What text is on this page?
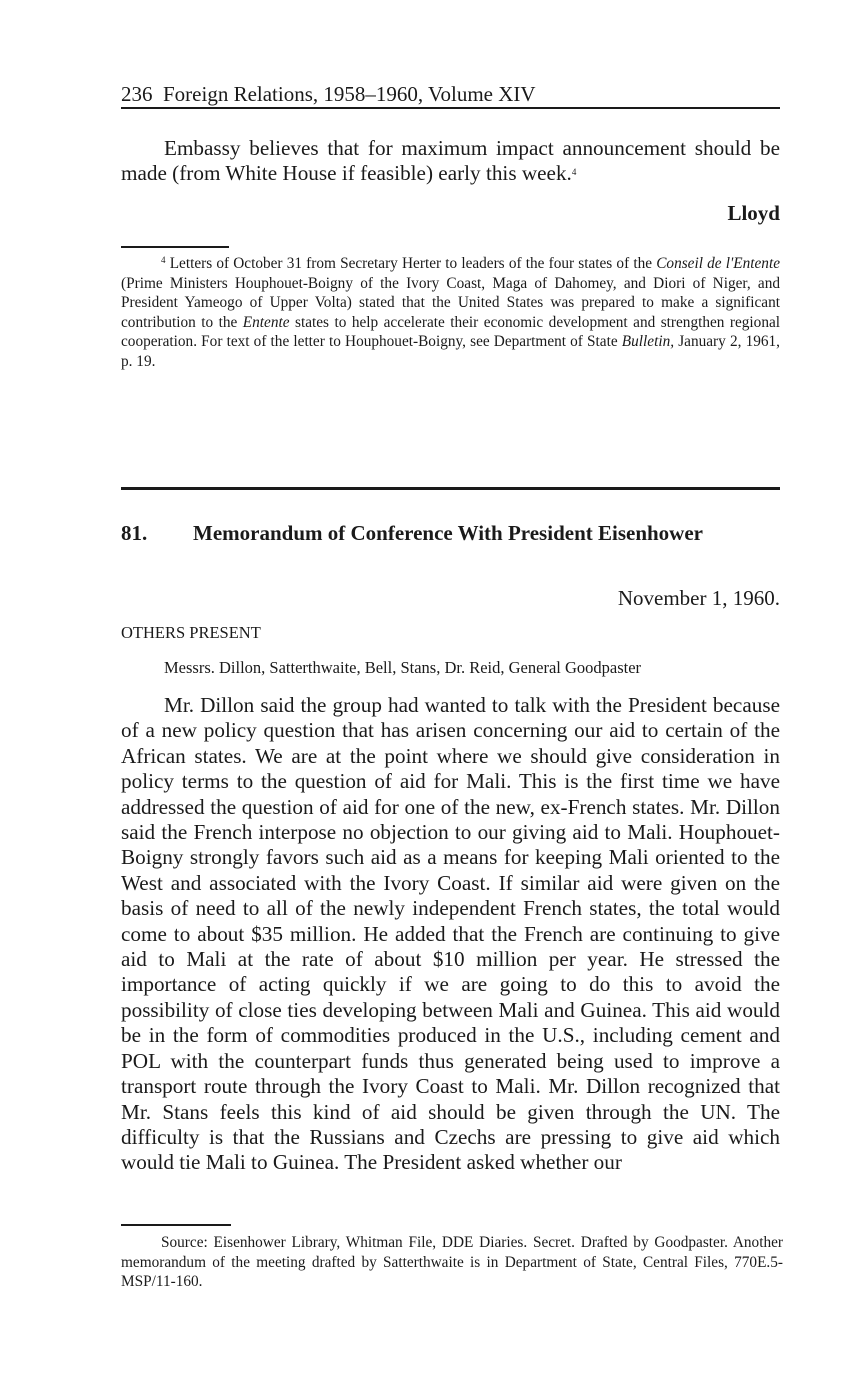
236 Foreign Relations, 1958–1960, Volume XIV
Embassy believes that for maximum impact announcement should be made (from White House if feasible) early this week.$^4$
Lloyd
$^4$ Letters of October 31 from Secretary Herter to leaders of the four states of the Conseil de l'Entente (Prime Ministers Houphouet-Boigny of the Ivory Coast, Maga of Dahomey, and Diori of Niger, and President Yameogo of Upper Volta) stated that the United States was prepared to make a significant contribution to the Entente states to help accelerate their economic development and strengthen regional cooperation. For text of the letter to Houphouet-Boigny, see Department of State Bulletin, January 2, 1961, p. 19.
81. Memorandum of Conference With President Eisenhower
November 1, 1960.
OTHERS PRESENT
Messrs. Dillon, Satterthwaite, Bell, Stans, Dr. Reid, General Goodpaster
Mr. Dillon said the group had wanted to talk with the President because of a new policy question that has arisen concerning our aid to certain of the African states. We are at the point where we should give consideration in policy terms to the question of aid for Mali. This is the first time we have addressed the question of aid for one of the new, ex-French states. Mr. Dillon said the French interpose no objection to our giving aid to Mali. Houphouet-Boigny strongly favors such aid as a means for keeping Mali oriented to the West and associated with the Ivory Coast. If similar aid were given on the basis of need to all of the newly independent French states, the total would come to about $35 million. He added that the French are continuing to give aid to Mali at the rate of about $10 million per year. He stressed the importance of acting quickly if we are going to do this to avoid the possibility of close ties developing between Mali and Guinea. This aid would be in the form of commodities produced in the U.S., including cement and POL with the counterpart funds thus generated being used to improve a transport route through the Ivory Coast to Mali. Mr. Dillon recognized that Mr. Stans feels this kind of aid should be given through the UN. The difficulty is that the Russians and Czechs are pressing to give aid which would tie Mali to Guinea. The President asked whether our
Source: Eisenhower Library, Whitman File, DDE Diaries. Secret. Drafted by Goodpaster. Another memorandum of the meeting drafted by Satterthwaite is in Department of State, Central Files, 770E.5-MSP/11-160.
